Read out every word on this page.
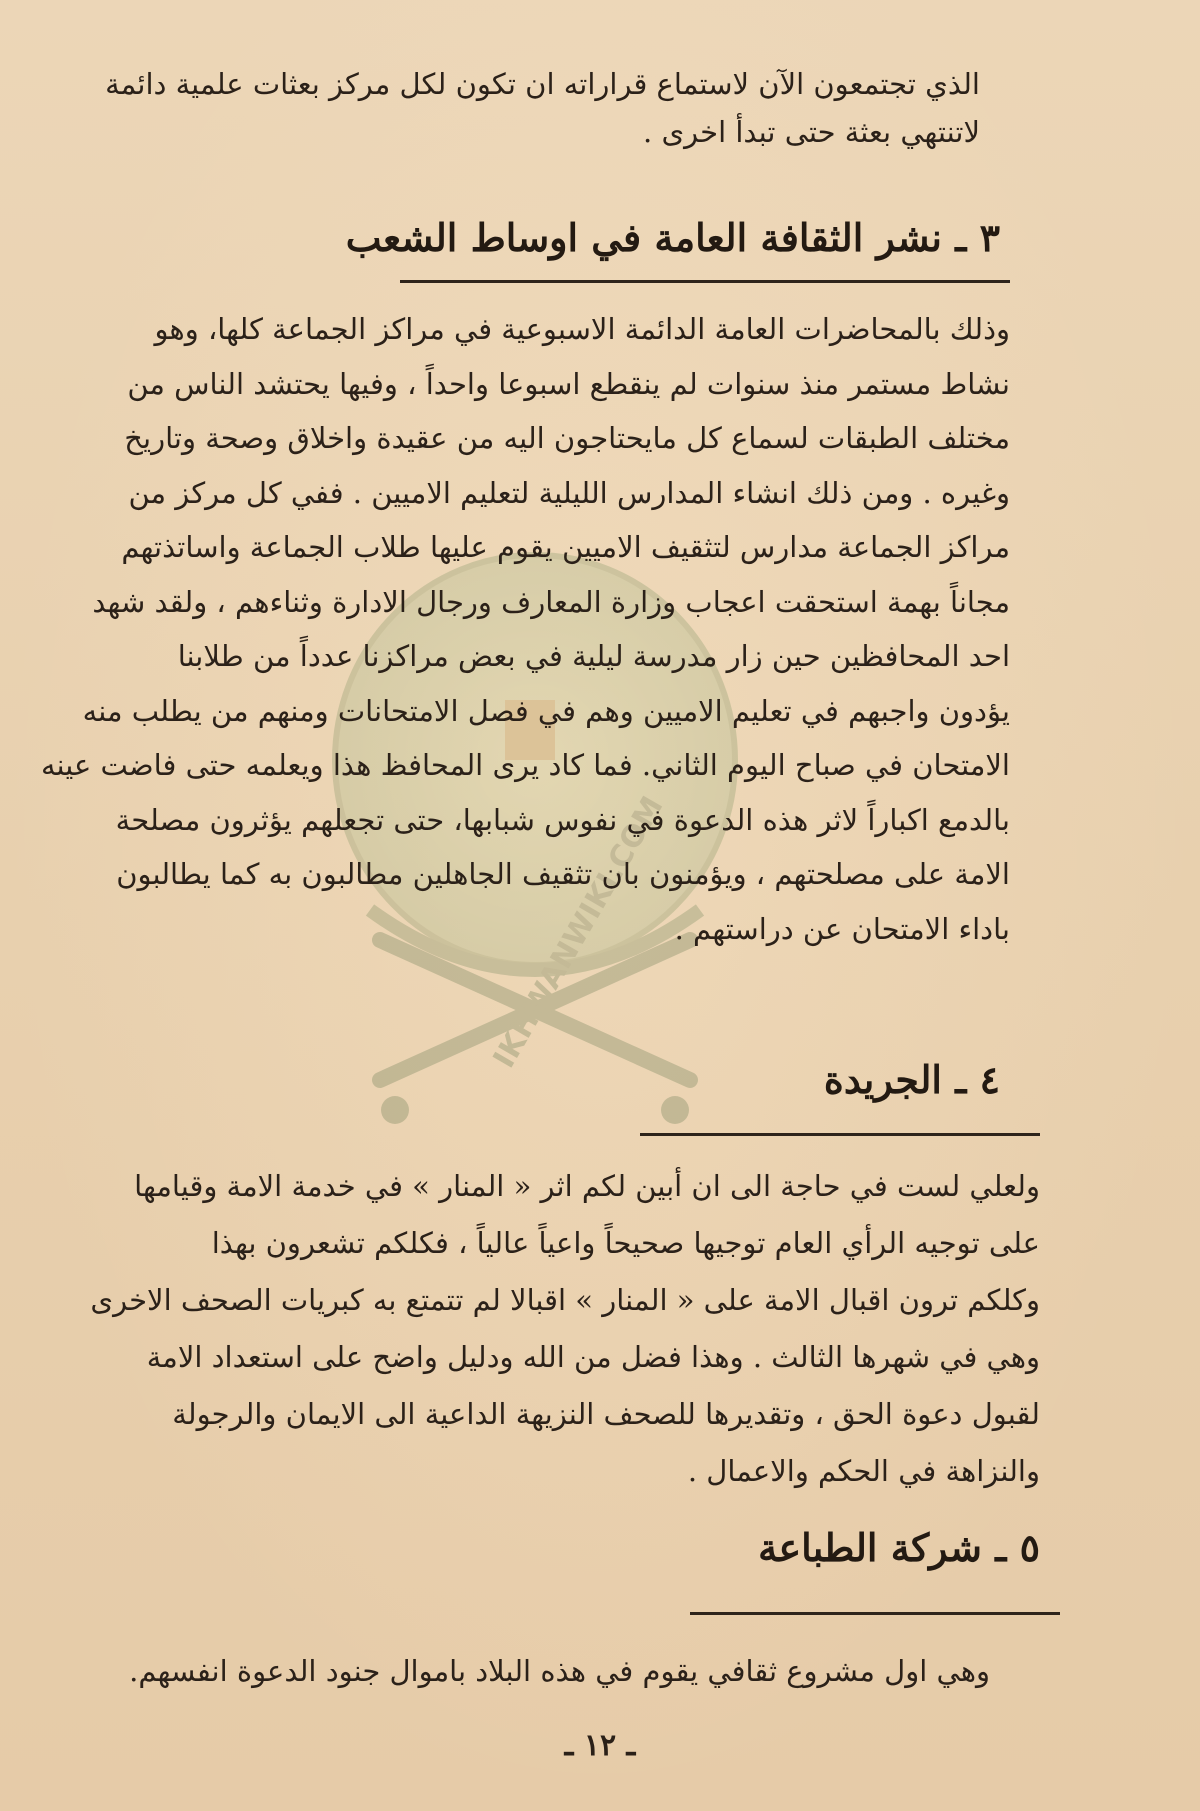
IKHWANWIKI.COM
الذي تجتمعون الآن لاستماع قراراته ان تكون لكل مركز بعثات علمية دائمة
لاتنتهي بعثة حتى تبدأ اخرى .
٣ ـ نشر الثقافة العامة في اوساط الشعب
وذلك بالمحاضرات العامة الدائمة الاسبوعية في مراكز الجماعة كلها، وهو
نشاط مستمر منذ سنوات لم ينقطع اسبوعا واحداً ، وفيها يحتشد الناس من
مختلف الطبقات لسماع كل مايحتاجون اليه من عقيدة واخلاق وصحة وتاريخ
وغيره . ومن ذلك انشاء المدارس الليلية لتعليم الاميين . ففي كل مركز من
مراكز الجماعة مدارس لتثقيف الاميين يقوم عليها طلاب الجماعة واساتذتهم
مجاناً بهمة استحقت اعجاب وزارة المعارف ورجال الادارة وثناءهم ، ولقد شهد
احد المحافظين حين زار مدرسة ليلية في بعض مراكزنا عدداً من طلابنا
يؤدون واجبهم في تعليم الاميين وهم في فصل الامتحانات ومنهم من يطلب منه
الامتحان في صباح اليوم الثاني. فما كاد يرى المحافظ هذا ويعلمه حتى فاضت عينه
بالدمع اكباراً لاثر هذه الدعوة في نفوس شبابها، حتى تجعلهم يؤثرون مصلحة
الامة على مصلحتهم ، ويؤمنون بان تثقيف الجاهلين مطالبون به كما يطالبون
باداء الامتحان عن دراستهم .
٤ ـ الجريدة
ولعلي لست في حاجة الى ان أبين لكم اثر « المنار » في خدمة الامة وقيامها
على توجيه الرأي العام توجيها صحيحاً واعياً عالياً ، فكلكم تشعرون بهذا
وكلكم ترون اقبال الامة على « المنار » اقبالا لم تتمتع به كبريات الصحف الاخرى
وهي في شهرها الثالث . وهذا فضل من الله ودليل واضح على استعداد الامة
لقبول دعوة الحق ، وتقديرها للصحف النزيهة الداعية الى الايمان والرجولة
والنزاهة في الحكم والاعمال .
٥ ـ شركة الطباعة
وهي اول مشروع ثقافي يقوم في هذه البلاد باموال جنود الدعوة انفسهم.
ـ ١٢ ـ
